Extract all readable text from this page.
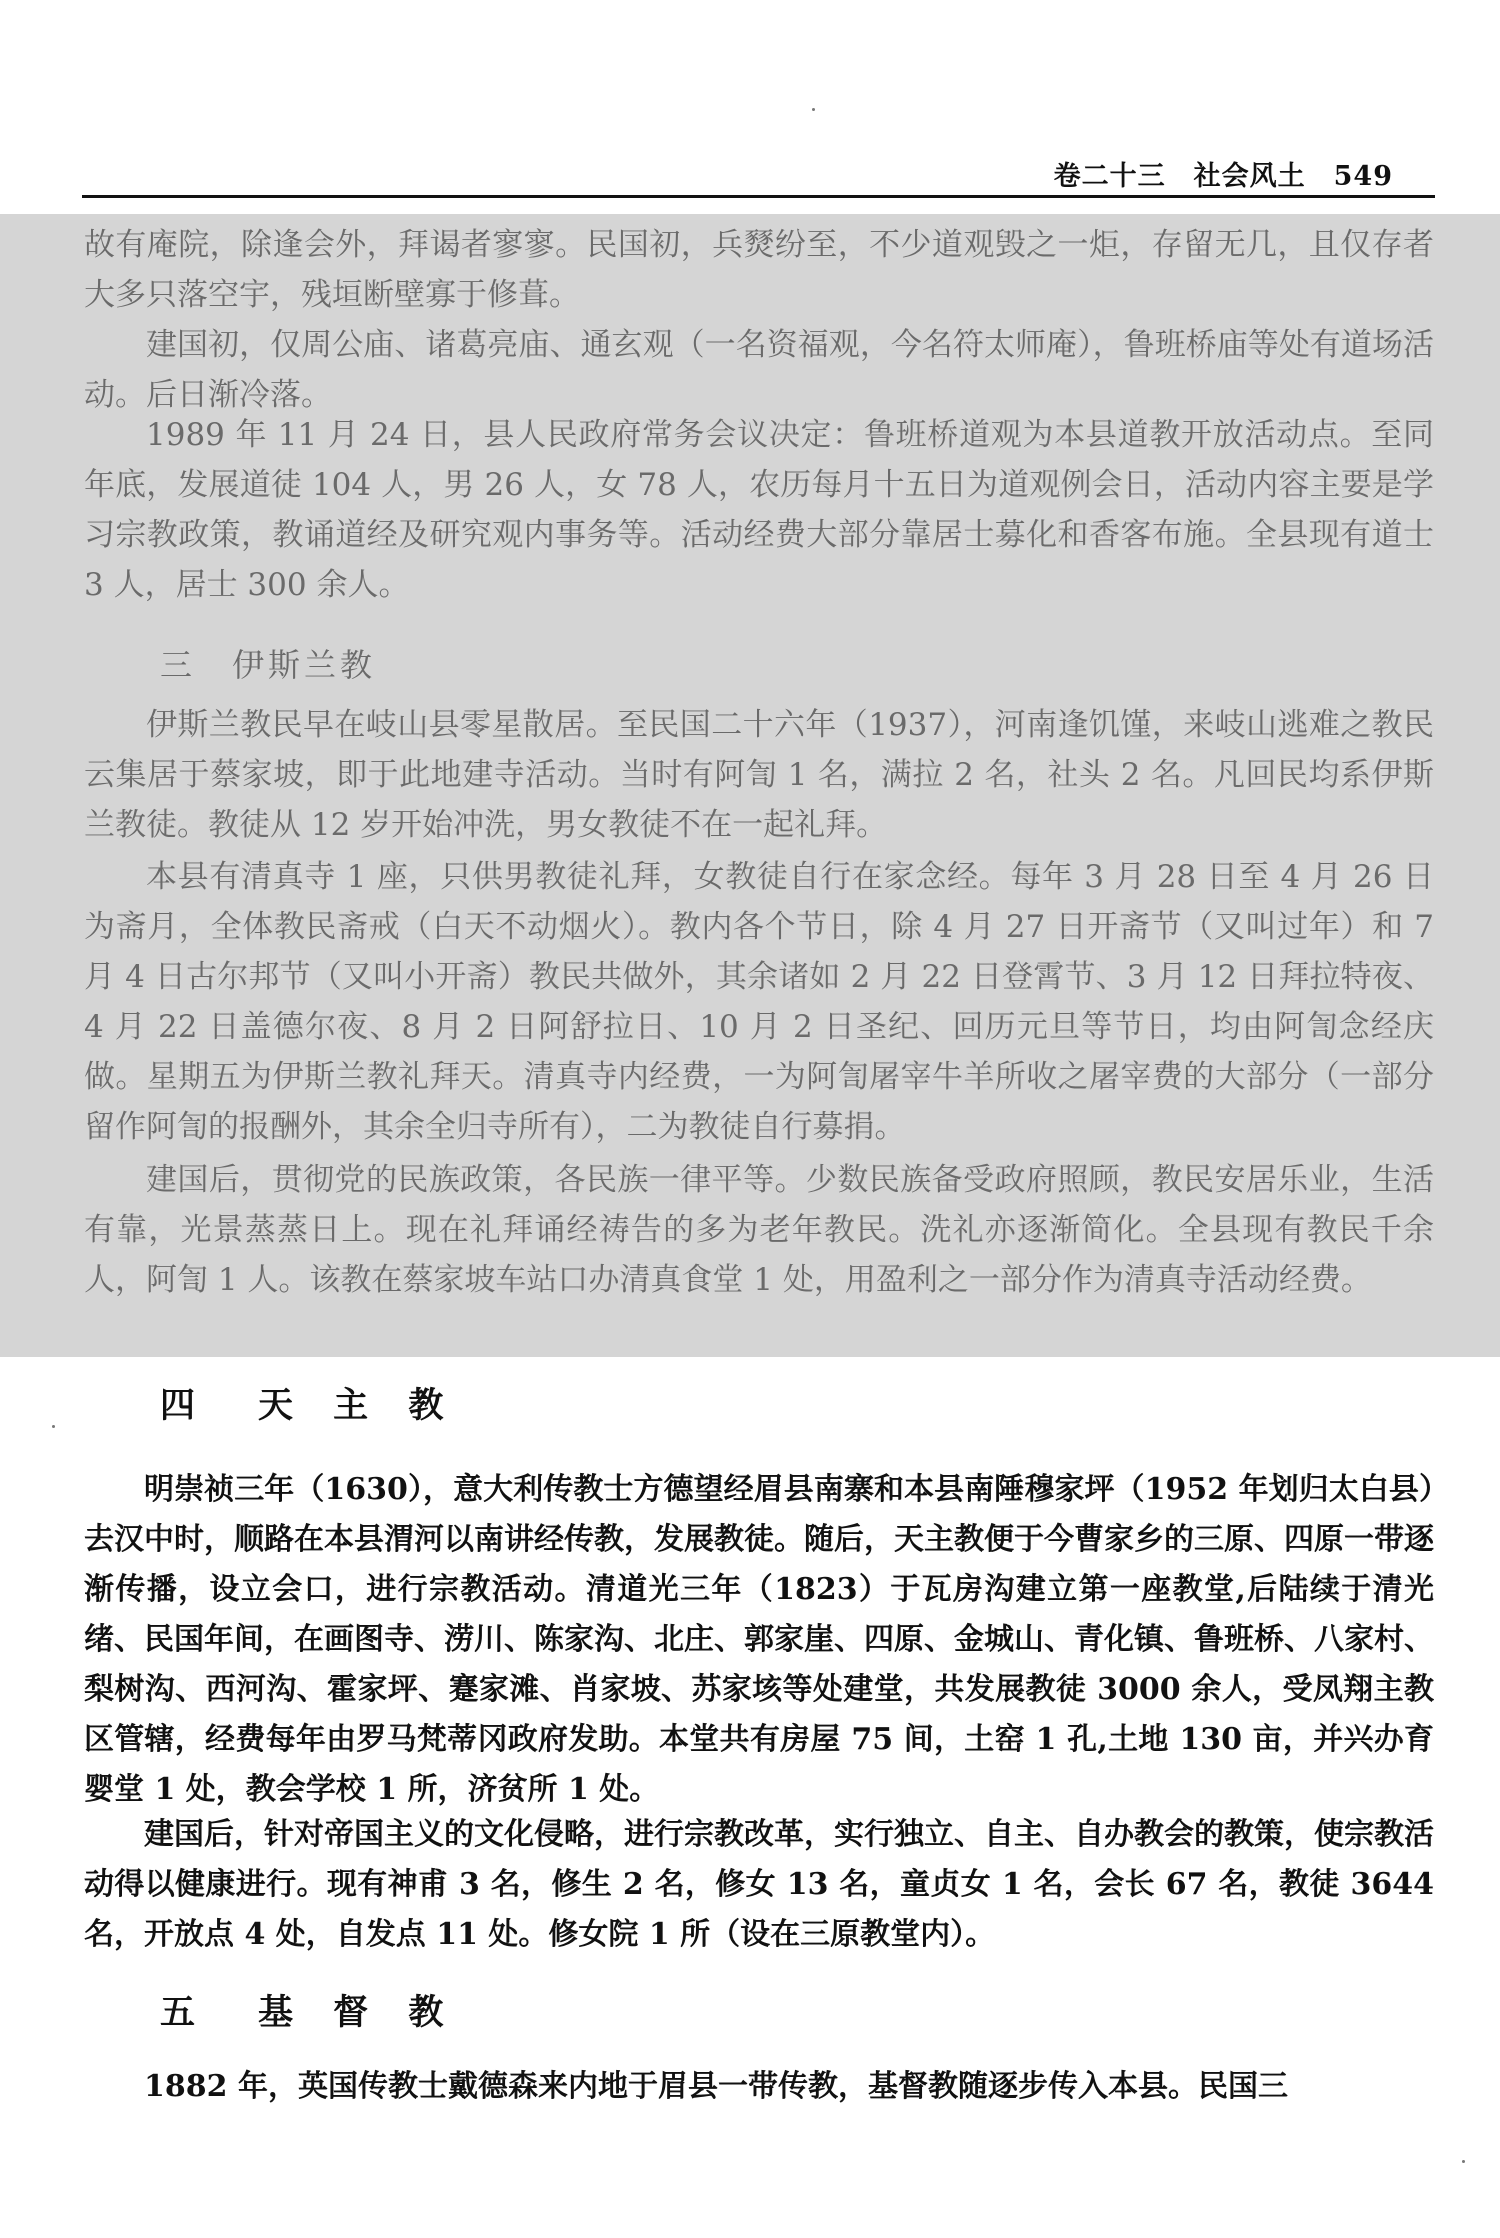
卷二十三　社会风土　549

故有庵院，除逢会外，拜谒者寥寥。民国初，兵燹纷至，不少道观毁之一炬，存留无几，且仅存者大多只落空宇，残垣断壁寡于修葺。

建国初，仅周公庙、诸葛亮庙、通玄观（一名资福观，今名符太师庵），鲁班桥庙等处有道场活动。后日渐冷落。

1989 年 11 月 24 日，县人民政府常务会议决定：鲁班桥道观为本县道教开放活动点。至同年底，发展道徒 104 人，男 26 人，女 78 人，农历每月十五日为道观例会日，活动内容主要是学习宗教政策，教诵道经及研究观内事务等。活动经费大部分靠居士募化和香客布施。全县现有道士 3 人，居士 300 余人。

三　伊斯兰教

伊斯兰教民早在岐山县零星散居。至民国二十六年（1937），河南逢饥馑，来岐山逃难之教民云集居于蔡家坡，即于此地建寺活动。当时有阿訇 1 名，满拉 2 名，社头 2 名。凡回民均系伊斯兰教徒。教徒从 12 岁开始冲洗，男女教徒不在一起礼拜。

本县有清真寺 1 座，只供男教徒礼拜，女教徒自行在家念经。每年 3 月 28 日至 4 月 26 日为斋月，全体教民斋戒（白天不动烟火）。教内各个节日，除 4 月 27 日开斋节（又叫过年）和 7 月 4 日古尔邦节（又叫小开斋）教民共做外，其余诸如 2 月 22 日登霄节、3 月 12 日拜拉特夜、4 月 22 日盖德尔夜、8 月 2 日阿舒拉日、10 月 2 日圣纪、回历元旦等节日，均由阿訇念经庆做。星期五为伊斯兰教礼拜天。清真寺内经费，一为阿訇屠宰牛羊所收之屠宰费的大部分（一部分留作阿訇的报酬外，其余全归寺所有），二为教徒自行募捐。

建国后，贯彻党的民族政策，各民族一律平等。少数民族备受政府照顾，教民安居乐业，生活有靠，光景蒸蒸日上。现在礼拜诵经祷告的多为老年教民。洗礼亦逐渐简化。全县现有教民千余人，阿訇 1 人。该教在蔡家坡车站口办清真食堂 1 处，用盈利之一部分作为清真寺活动经费。

四　天 主 教

明崇祯三年（1630），意大利传教士方德望经眉县南寨和本县南陲穆家坪（1952 年划归太白县）去汉中时，顺路在本县渭河以南讲经传教，发展教徒。随后，天主教便于今曹家乡的三原、四原一带逐渐传播，设立会口，进行宗教活动。清道光三年（1823）于瓦房沟建立第一座教堂,后陆续于清光绪、民国年间，在画图寺、涝川、陈家沟、北庄、郭家崖、四原、金城山、青化镇、鲁班桥、八家村、梨树沟、西河沟、霍家坪、蹇家滩、肖家坡、苏家垓等处建堂，共发展教徒 3000 余人，受凤翔主教区管辖，经费每年由罗马梵蒂冈政府发助。本堂共有房屋 75 间，土窑 1 孔,土地 130 亩，并兴办育婴堂 1 处，教会学校 1 所，济贫所 1 处。

建国后，针对帝国主义的文化侵略，进行宗教改革，实行独立、自主、自办教会的教策，使宗教活动得以健康进行。现有神甫 3 名，修生 2 名，修女 13 名，童贞女 1 名，会长 67 名，教徒 3644 名，开放点 4 处，自发点 11 处。修女院 1 所（设在三原教堂内）。

五　基 督 教

1882 年，英国传教士戴德森来内地于眉县一带传教，基督教随逐步传入本县。民国三
